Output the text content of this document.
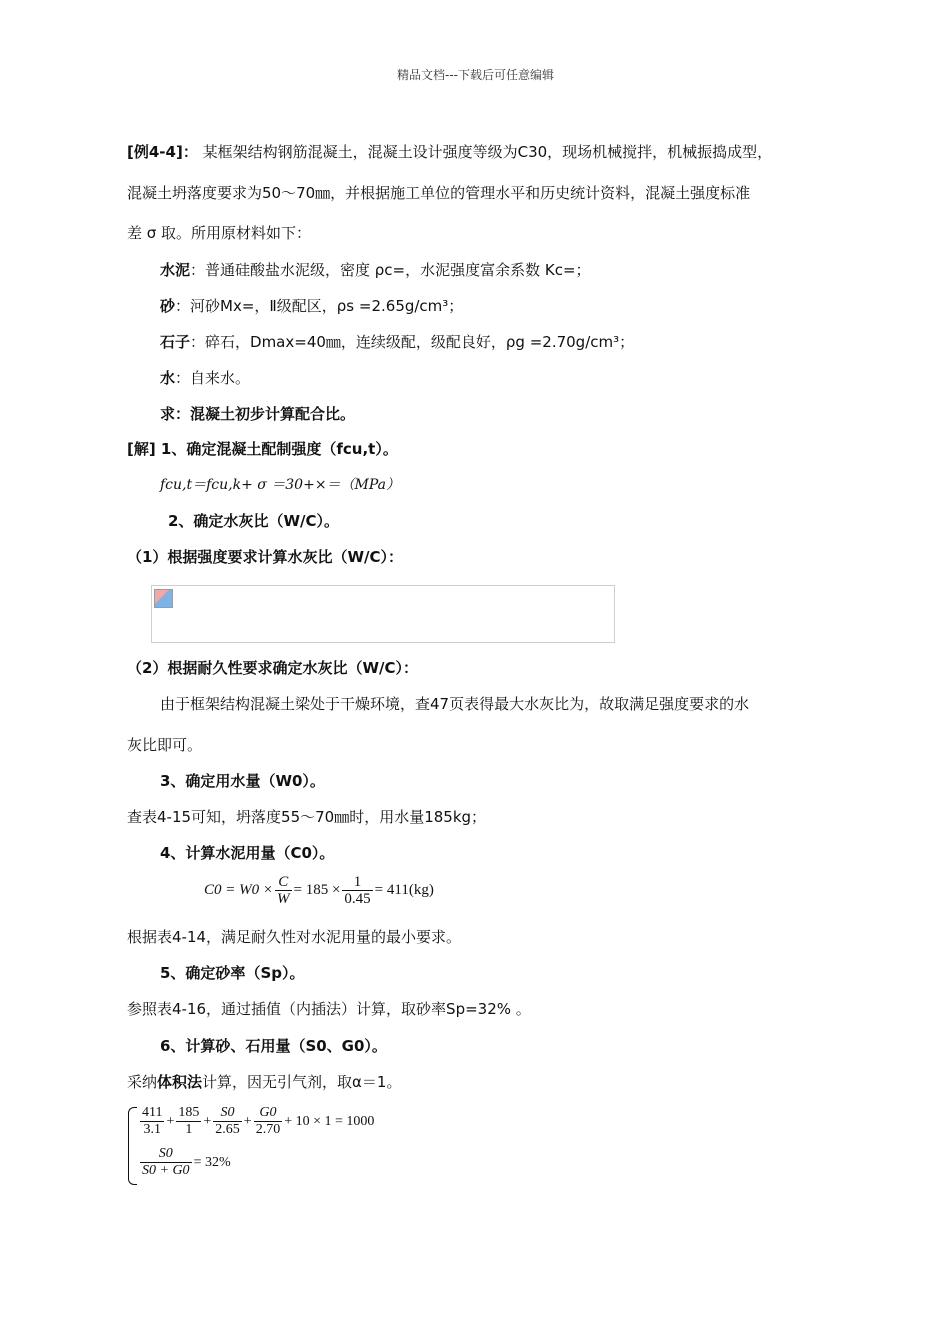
精品文档---下载后可任意编辑
[例4-4]： 某框架结构钢筋混凝土，混凝土设计强度等级为C30，现场机械搅拌，机械振捣成型，
混凝土坍落度要求为50～70㎜，并根据施工单位的管理水平和历史统计资料，混凝土强度标准
差 σ 取。所用原材料如下：
水泥：普通硅酸盐水泥级，密度 ρc=，水泥强度富余系数 Kc=；
砂：河砂Mx=，Ⅱ级配区，ρs =2.65g/cm³；
石子：碎石，Dmax=40㎜，连续级配，级配良好，ρg =2.70g/cm³；
水：自来水。
求：混凝土初步计算配合比。
[解] 1、确定混凝土配制强度（fcu,t）。
fcu,t＝fcu,k+ σ ＝30+×＝（MPa）
2、确定水灰比（W/C）。
（1）根据强度要求计算水灰比（W/C）：
（2）根据耐久性要求确定水灰比（W/C）：
由于框架结构混凝土梁处于干燥环境，查47页表得最大水灰比为，故取满足强度要求的水
灰比即可。
3、确定用水量（W0）。
查表4-15可知，坍落度55～70㎜时，用水量185kg；
4、计算水泥用量（C0）。
$C0 = W0 \times \frac{C}{W} = 185 \times \frac{1}{0.45} = 411(kg)$
根据表4-14，满足耐久性对水泥用量的最小要求。
5、确定砂率（Sp）。
参照表4-16，通过插值（内插法）计算，取砂率Sp=32% 。
6、计算砂、石用量（S0、G0）。
采纳体积法计算，因无引气剂，取α＝1。
$\frac{411}{3.1} + \frac{185}{1} + \frac{S0}{2.65} + \frac{G0}{2.70} + 10 \times 1 = 1000$
$\frac{S0}{S0 + G0} = 32\%$
